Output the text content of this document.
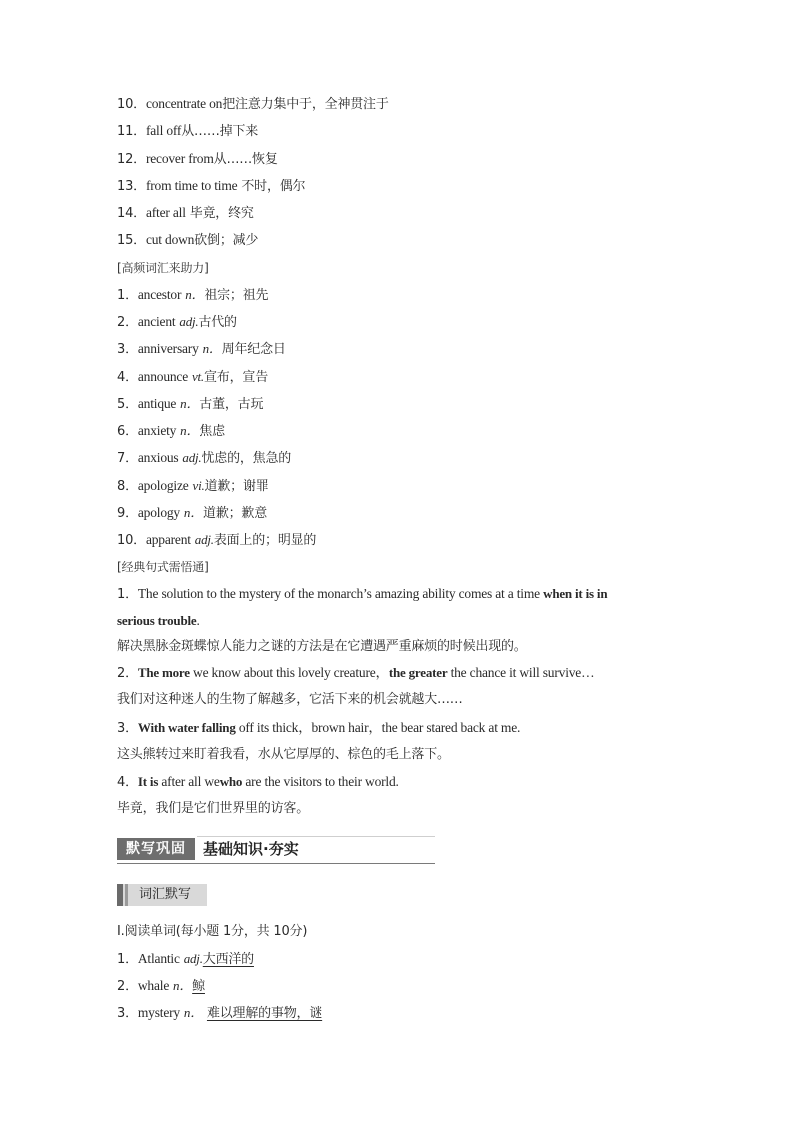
10．concentrate on把注意力集中于，全神贯注于
11．fall off从……掉下来
12．recover from从……恢复
13．from time to time 不时，偶尔
14．after all 毕竟，终究
15．cut down砍倒；减少
[高频词汇来助力]
1．ancestor n．祖宗；祖先
2．ancient adj.古代的
3．anniversary n．周年纪念日
4．announce vt.宣布，宣告
5．antique n．古董，古玩
6．anxiety n．焦虑
7．anxious adj.忧虑的，焦急的
8．apologize vi.道歉；谢罪
9．apology n．道歉；歉意
10．apparent adj.表面上的；明显的
[经典句式需悟通]
1．The solution to the mystery of the monarch’s amazing ability comes at a time when it is in
serious trouble.
解决黑脉金斑蝶惊人能力之谜的方法是在它遭遇严重麻烦的时候出现的。
2．The more we know about this lovely creature，the greater the chance it will survive…
我们对这种迷人的生物了解越多，它活下来的机会就越大……
3．With water falling off its thick，brown hair，the bear stared back at me.
这头熊转过来盯着我看，水从它厚厚的、棕色的毛上落下。
4．It is after all wewho are the visitors to their world.
毕竟，我们是它们世界里的访客。
默写巩固	基础知识·夯实
词汇默写
Ⅰ.阅读单词(每小题 1分，共 10分)
1．Atlantic adj.大西洋的
2．whale n．鲸
3．mystery n． 难以理解的事物，谜
